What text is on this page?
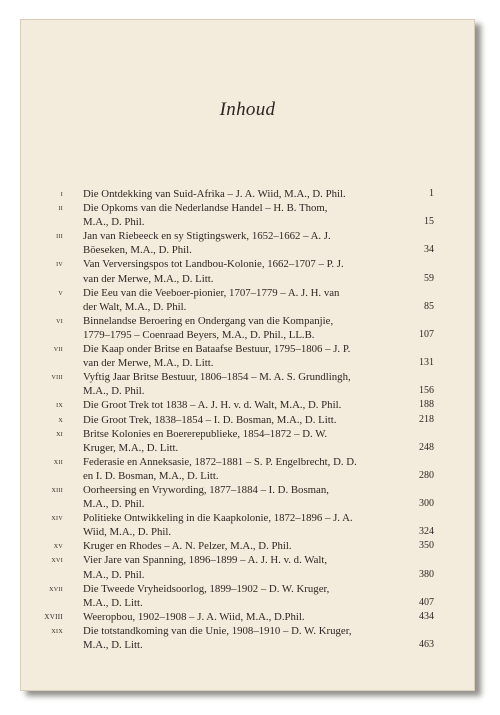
Inhoud
i Die Ontdekking van Suid-Afrika – J. A. Wiid, M.A., D. Phil.	1
ii Die Opkoms van die Nederlandse Handel – H. B. Thom,
M.A., D. Phil.	15
iii Jan van Riebeeck en sy Stigtingswerk, 1652–1662 – A. J.
Böeseken, M.A., D. Phil.	34
iv Van Verversingspos tot Landbou-Kolonie, 1662–1707 – P. J.
van der Merwe, M.A., D. Litt.	59
v Die Eeu van die Veeboer-pionier, 1707–1779 – A. J. H. van
der Walt, M.A., D. Phil.	85
vi Binnelandse Beroering en Ondergang van die Kompanjie,
1779–1795 – Coenraad Beyers, M.A., D. Phil., LL.B.	107
vii Die Kaap onder Britse en Bataafse Bestuur, 1795–1806 – J. P.
van der Merwe, M.A., D. Litt.	131
viii Vyftig Jaar Britse Bestuur, 1806–1854 – M. A. S. Grundlingh,
M.A., D. Phil.	156
ix Die Groot Trek tot 1838 – A. J. H. v. d. Walt, M.A., D. Phil.	188
x Die Groot Trek, 1838–1854 – I. D. Bosman, M.A., D. Litt.	218
xi Britse Kolonies en Boererepublieke, 1854–1872 – D. W.
Kruger, M.A., D. Litt.	248
xii Federasie en Anneksasie, 1872–1881 – S. P. Engelbrecht, D. D.
en I. D. Bosman, M.A., D. Litt.	280
xiii Oorheersing en Vrywording, 1877–1884 – I. D. Bosman,
M.A., D. Phil.	300
xiv Politieke Ontwikkeling in die Kaapkolonie, 1872–1896 – J. A.
Wiid, M.A., D. Phil.	324
xv Kruger en Rhodes – A. N. Pelzer, M.A., D. Phil.	350
xvi Vier Jare van Spanning, 1896–1899 – A. J. H. v. d. Walt,
M.A., D. Phil.	380
xvii Die Tweede Vryheidsoorlog, 1899–1902 – D. W. Kruger,
M.A., D. Litt.	407
xviii Weeropbou, 1902–1908 – J. A. Wiid, M.A., D.Phil.	434
xix Die totstandkoming van die Unie, 1908–1910 – D. W. Kruger,
M.A., D. Litt.	463
